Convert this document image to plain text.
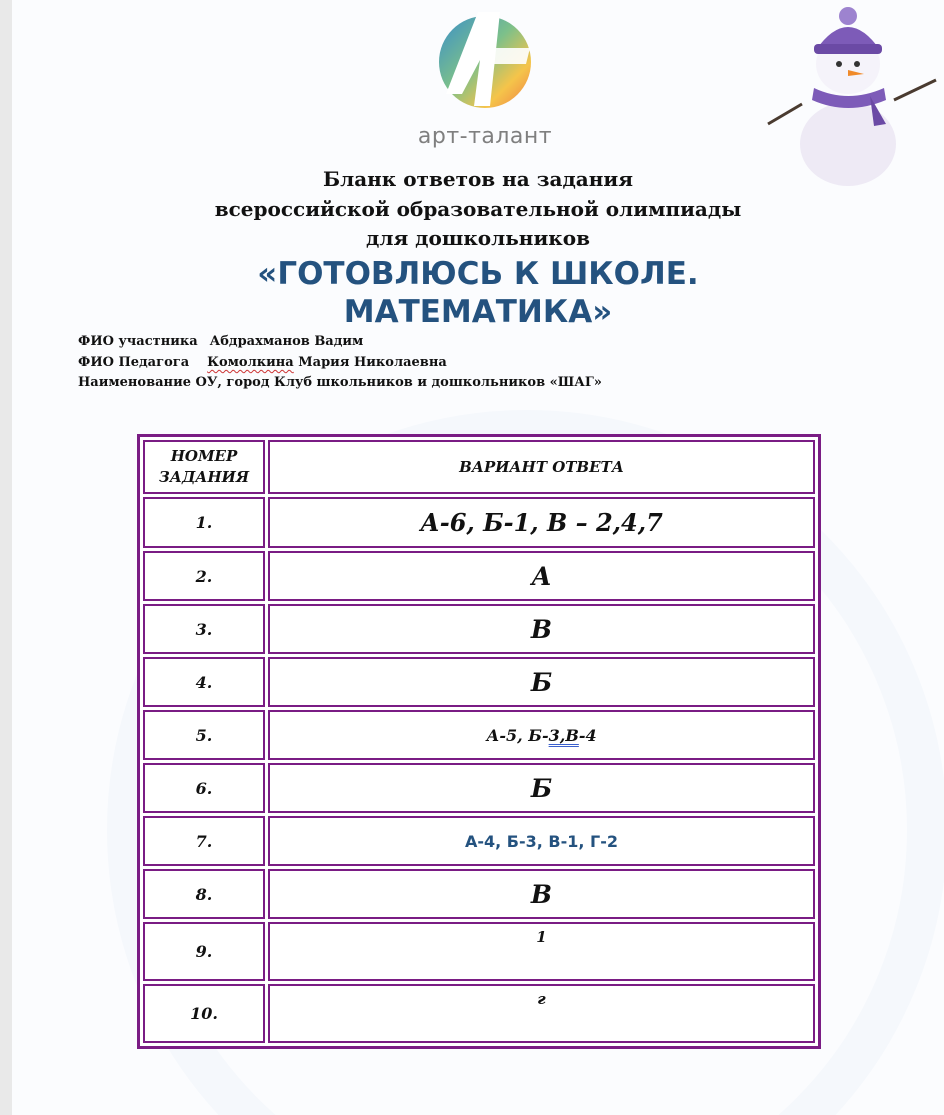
арт-талант
Бланк ответов на задания
всероссийской образовательной олимпиады
для дошкольников
«ГОТОВЛЮСЬ К ШКОЛЕ.
МАТЕМАТИКА»
ФИО участника Абдрахманов Вадим
ФИО Педагога Комолкина Мария Николаевна
Наименование ОУ, город Клуб школьников и дошкольников «ШАГ»
НОМЕР
ЗАДАНИЯ	ВАРИАНТ ОТВЕТА
1.	А-6, Б-1, В – 2,4,7
2.	А
3.	В
4.	Б
5.	А-5, Б-3,В-4
6.	Б
7.	А-4, Б-3, В-1, Г-2
8.	В
9.	1
10.	г
